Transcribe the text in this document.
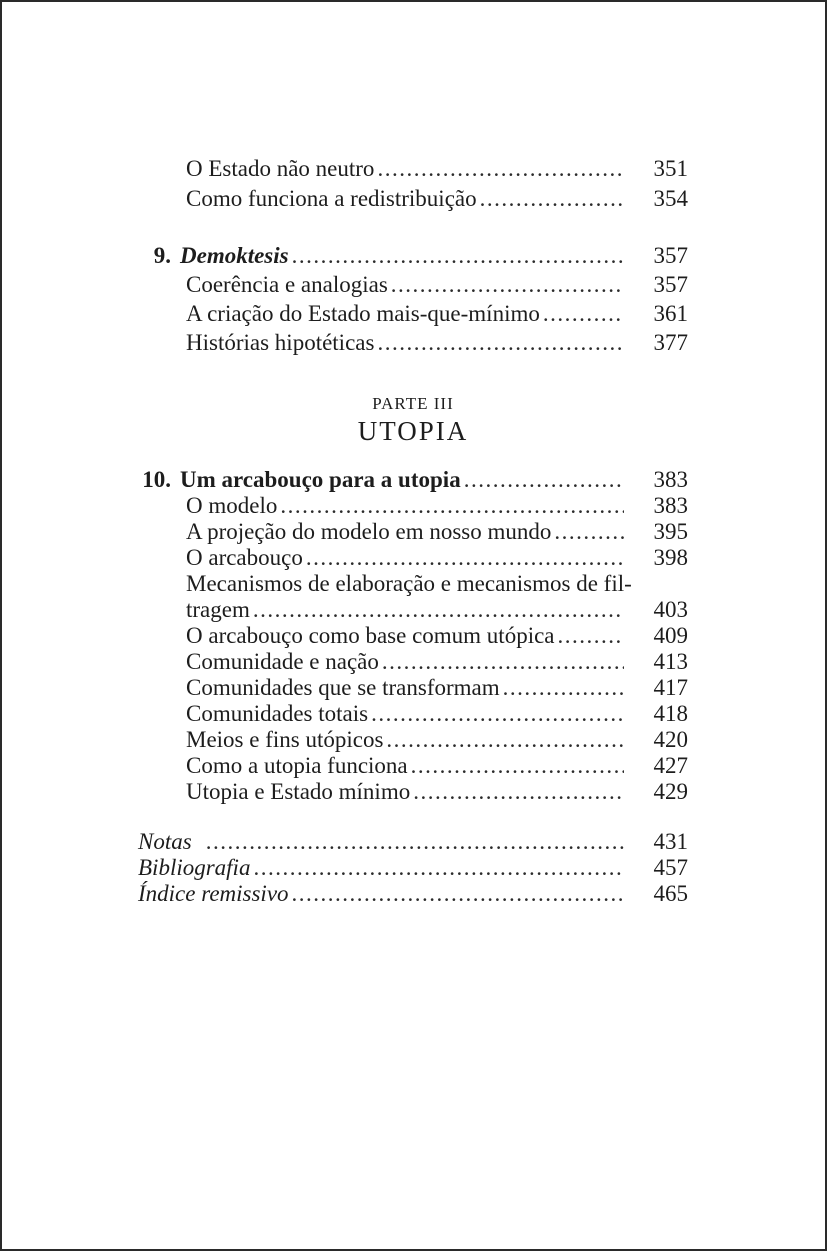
O Estado não neutro .....	351
Como funciona a redistribuição .....	354
9. Demoktesis .....	357
Coerência e analogias .....	357
A criação do Estado mais-que-mínimo .....	361
Histórias hipotéticas .....	377
PARTE III
UTOPIA
10. Um arcabouço para a utopia .....	383
O modelo .....	383
A projeção do modelo em nosso mundo .....	395
O arcabouço .....	398
Mecanismos de elaboração e mecanismos de fil-
tragem .....	403
O arcabouço como base comum utópica .....	409
Comunidade e nação .....	413
Comunidades que se transformam .....	417
Comunidades totais .....	418
Meios e fins utópicos .....	420
Como a utopia funciona .....	427
Utopia e Estado mínimo .....	429
Notas .....	431
Bibliografia .....	457
Índice remissivo .....	465
